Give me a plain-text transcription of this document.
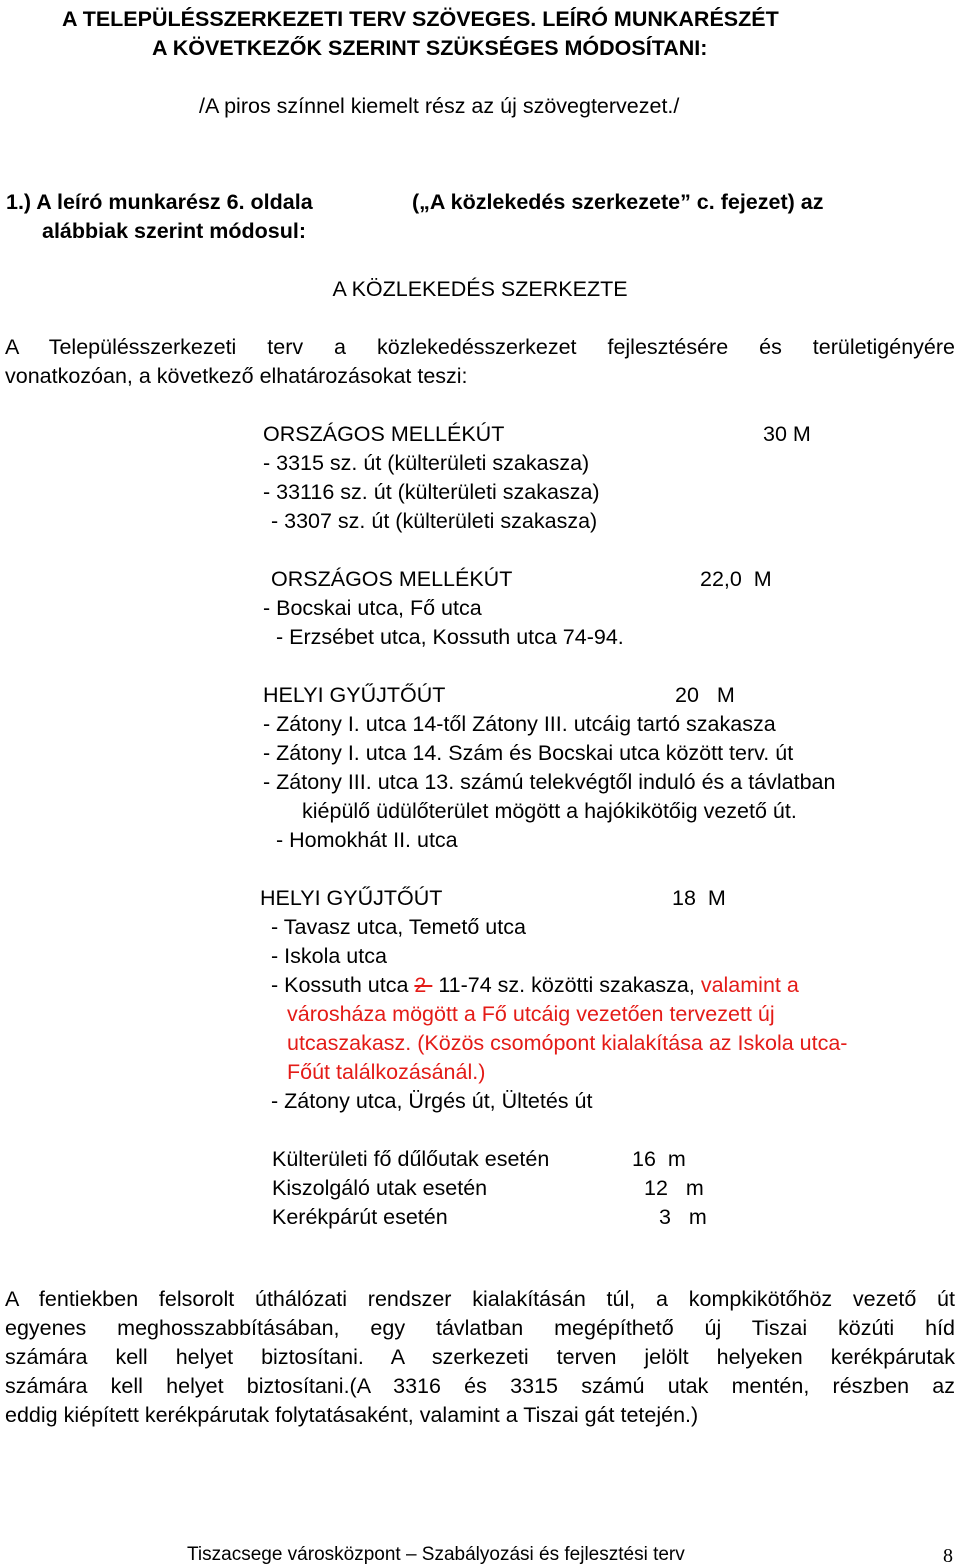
A TELEPÜLÉSSZERKEZETI TERV SZÖVEGES. LEÍRÓ MUNKARÉSZÉT
A KÖVETKEZŐK SZERINT SZÜKSÉGES MÓDOSÍTANI:
/A piros színnel kiemelt rész az új szövegtervezet./
1.) A leíró munkarész 6. oldala	(„A közlekedés szerkezete” c. fejezet) az
alábbiak szerint módosul:
A KÖZLEKEDÉS SZERKEZTE
A Településszerkezeti terv a közlekedésszerkezet fejlesztésére és területigényére
vonatkozóan, a következő elhatározásokat teszi:
ORSZÁGOS MELLÉKÚT	30 M
- 3315 sz. út (külterületi szakasza)
- 33116 sz. út (külterületi szakasza)
- 3307 sz. út (külterületi szakasza)
ORSZÁGOS MELLÉKÚT	22,0  M
- Bocskai utca, Fő utca
- Erzsébet utca, Kossuth utca 74-94.
HELYI GYŰJTŐÚT	20   M
- Zátony I. utca 14-től Zátony III. utcáig tartó szakasza
- Zátony I. utca 14. Szám és Bocskai utca között terv. út
- Zátony III. utca 13. számú telekvégtől induló és a távlatban
kiépülő üdülőterület mögött a hajókikötőig vezető út.
- Homokhát II. utca
HELYI GYŰJTŐÚT	18  M
- Tavasz utca, Temető utca
- Iskola utca
- Kossuth utca 2  11-74 sz. közötti szakasza, valamint a
városháza mögött a Fő utcáig vezetően tervezett új
utcaszakasz. (Közös csomópont kialakítása az Iskola utca-
Főút találkozásánál.)
- Zátony utca, Ürgés út, Ültetés út
Külterületi fő dűlőutak esetén	16  m
Kiszolgáló utak esetén	12   m
Kerékpárút esetén	3   m
A fentiekben felsorolt úthálózati rendszer kialakításán túl, a kompkikötőhöz vezető út
egyenes meghosszabbításában, egy távlatban megépíthető új Tiszai közúti híd
számára kell helyet biztosítani. A szerkezeti terven jelölt helyeken kerékpárutak
számára kell helyet biztosítani.(A 3316 és 3315 számú utak mentén, részben az
eddig kiépített kerékpárutak folytatásaként, valamint a Tiszai gát tetején.)
Tiszacsege városközpont – Szabályozási és fejlesztési terv	8
